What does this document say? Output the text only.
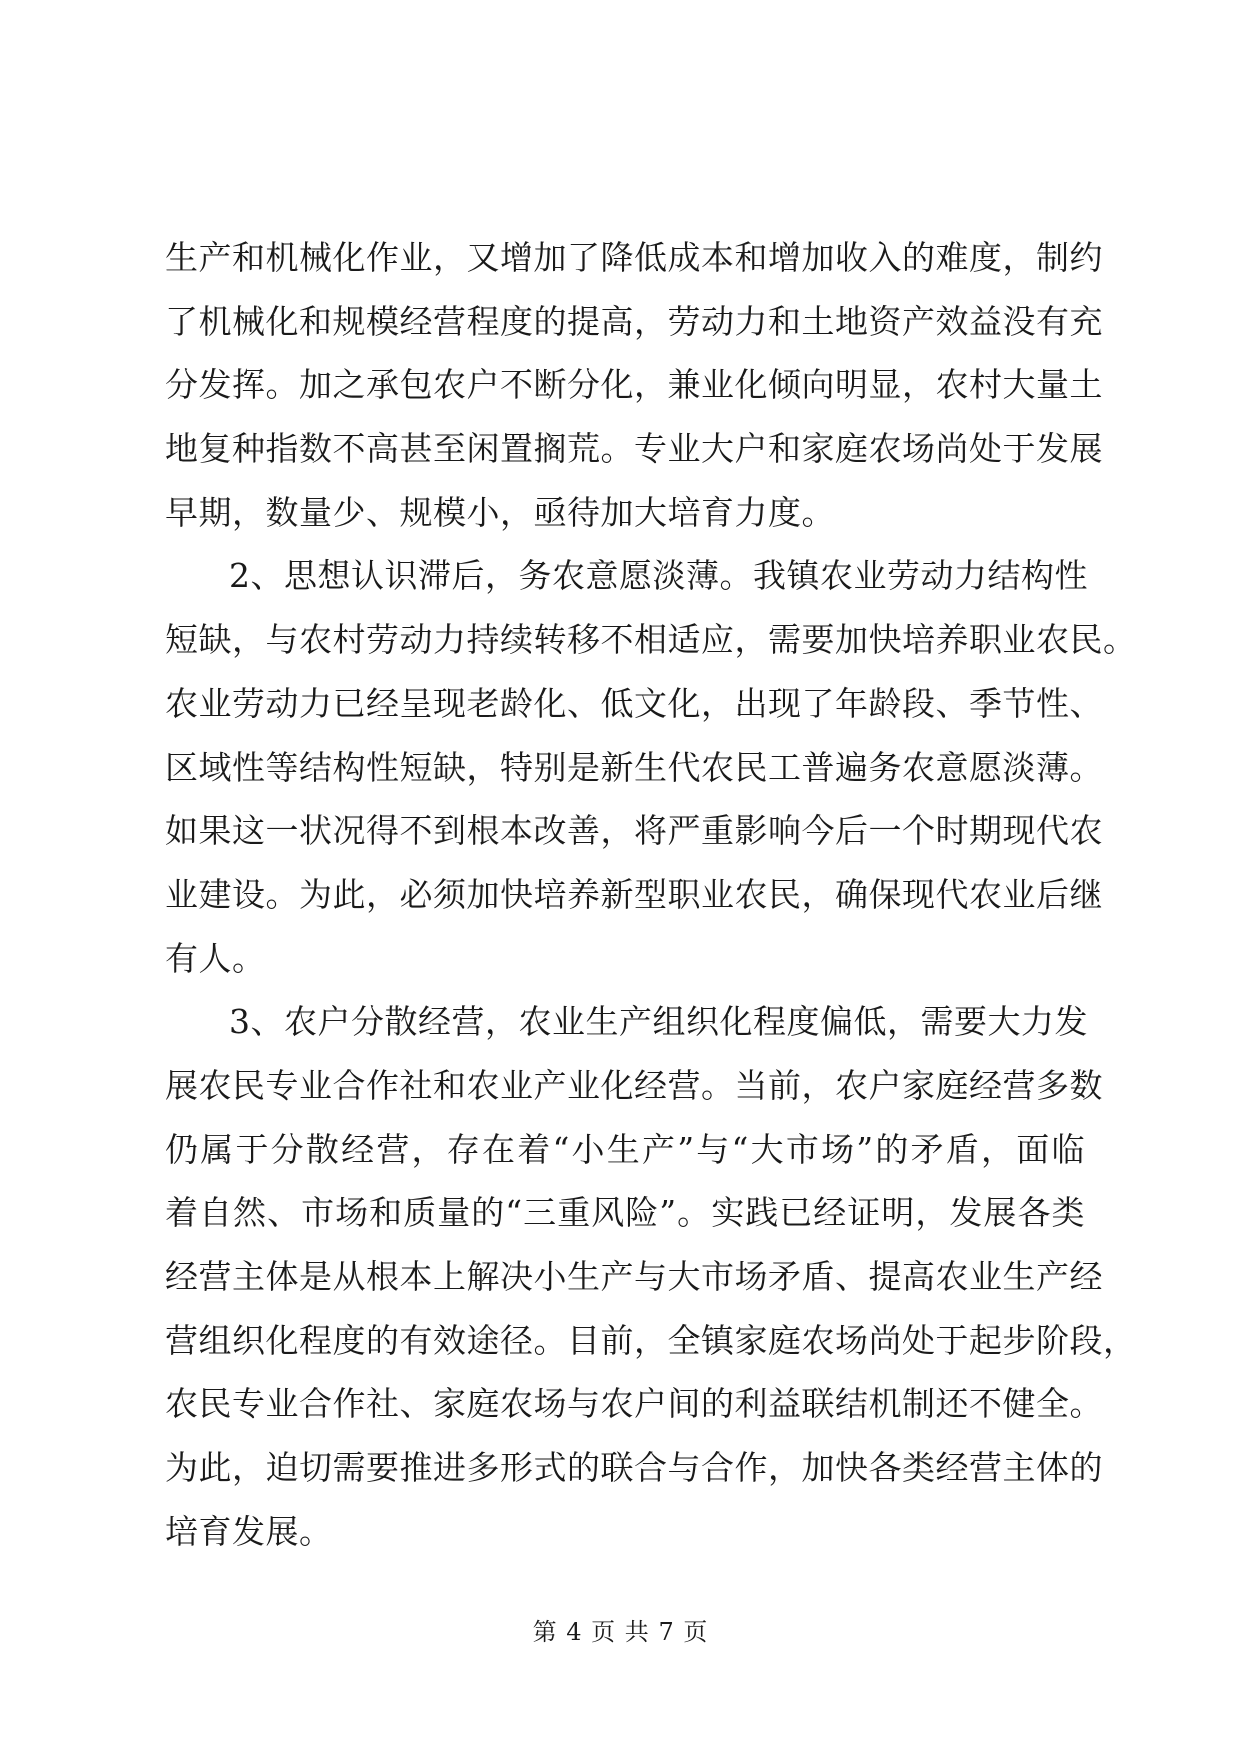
生产和机械化作业，又增加了降低成本和增加收入的难度，制约
了机械化和规模经营程度的提高，劳动力和土地资产效益没有充
分发挥。加之承包农户不断分化，兼业化倾向明显，农村大量土
地复种指数不高甚至闲置搁荒。专业大户和家庭农场尚处于发展
早期，数量少、规模小，亟待加大培育力度。
2、思想认识滞后，务农意愿淡薄。我镇农业劳动力结构性
短缺，与农村劳动力持续转移不相适应，需要加快培养职业农民。
农业劳动力已经呈现老龄化、低文化，出现了年龄段、季节性、
区域性等结构性短缺，特别是新生代农民工普遍务农意愿淡薄。
如果这一状况得不到根本改善，将严重影响今后一个时期现代农
业建设。为此，必须加快培养新型职业农民，确保现代农业后继
有人。
3、农户分散经营，农业生产组织化程度偏低，需要大力发
展农民专业合作社和农业产业化经营。当前，农户家庭经营多数
仍属于分散经营，存在着“小生产”与“大市场”的矛盾，面临
着自然、市场和质量的“三重风险”。实践已经证明，发展各类
经营主体是从根本上解决小生产与大市场矛盾、提高农业生产经
营组织化程度的有效途径。目前，全镇家庭农场尚处于起步阶段，
农民专业合作社、家庭农场与农户间的利益联结机制还不健全。
为此，迫切需要推进多形式的联合与合作，加快各类经营主体的
培育发展。
第 4 页 共 7 页
